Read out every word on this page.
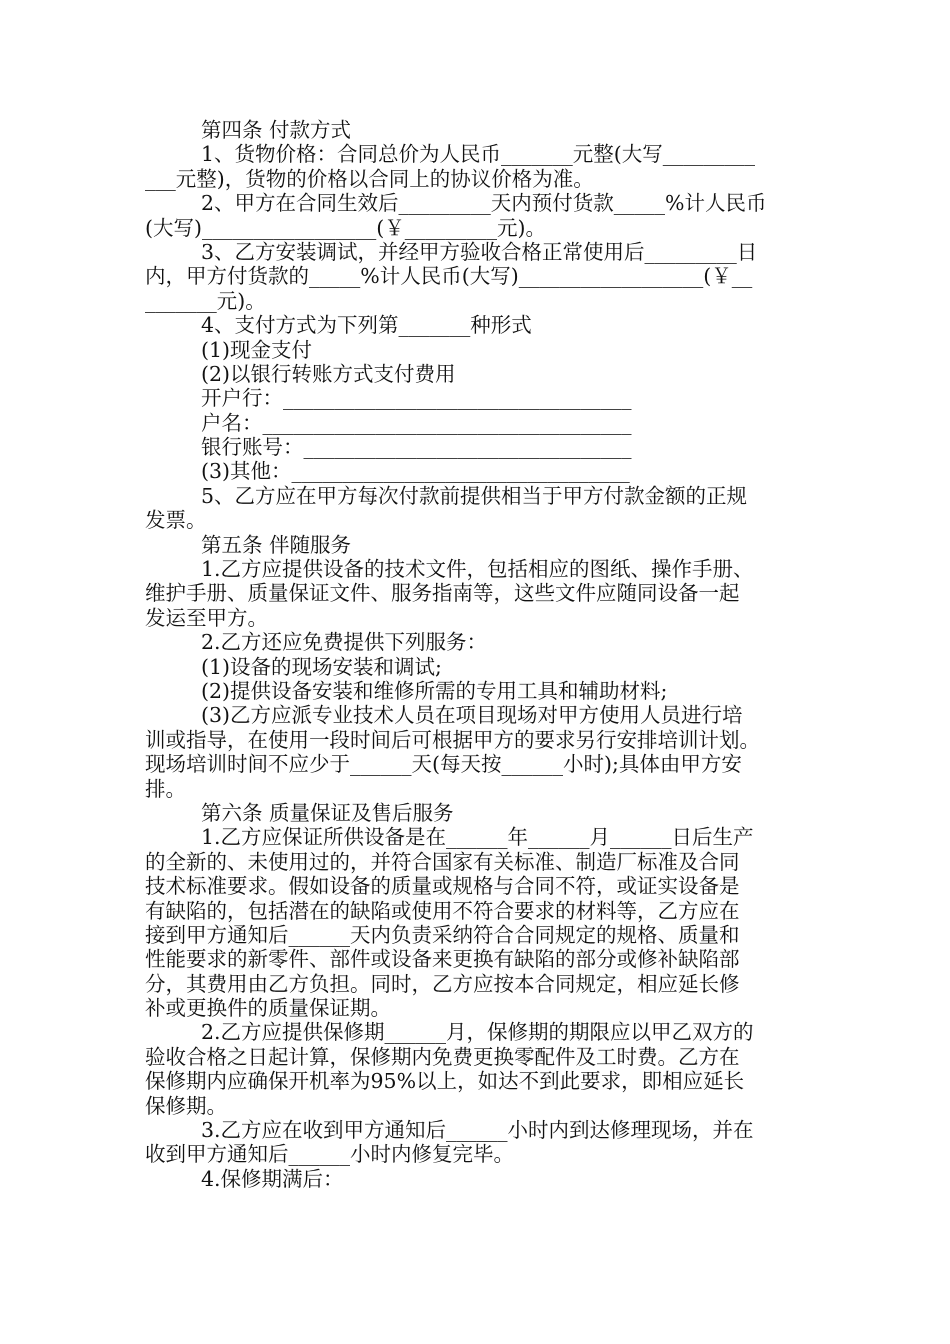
第四条 付款方式
1、货物价格：合同总价为人民币_______元整(大写_________
___元整)，货物的价格以合同上的协议价格为准。
2、甲方在合同生效后_________天内预付货款_____%计人民币
(大写)_________________(￥_________元)。
3、乙方安装调试，并经甲方验收合格正常使用后_________日
内，甲方付货款的_____%计人民币(大写)__________________(￥__
_______元)。
4、支付方式为下列第_______种形式
(1)现金支付
(2)以银行转账方式支付费用
开户行：__________________________________
户名：____________________________________
银行账号：________________________________
(3)其他：_________________________________
5、乙方应在甲方每次付款前提供相当于甲方付款金额的正规
发票。
第五条 伴随服务
1.乙方应提供设备的技术文件，包括相应的图纸、操作手册、
维护手册、质量保证文件、服务指南等，这些文件应随同设备一起
发运至甲方。
2.乙方还应免费提供下列服务：
(1)设备的现场安装和调试;
(2)提供设备安装和维修所需的专用工具和辅助材料;
(3)乙方应派专业技术人员在项目现场对甲方使用人员进行培
训或指导，在使用一段时间后可根据甲方的要求另行安排培训计划。
现场培训时间不应少于______天(每天按______小时);具体由甲方安
排。
第六条 质量保证及售后服务
1.乙方应保证所供设备是在______年______月______日后生产
的全新的、未使用过的，并符合国家有关标准、制造厂标准及合同
技术标准要求。假如设备的质量或规格与合同不符，或证实设备是
有缺陷的，包括潜在的缺陷或使用不符合要求的材料等，乙方应在
接到甲方通知后______天内负责采纳符合合同规定的规格、质量和
性能要求的新零件、部件或设备来更换有缺陷的部分或修补缺陷部
分，其费用由乙方负担。同时，乙方应按本合同规定，相应延长修
补或更换件的质量保证期。
2.乙方应提供保修期______月，保修期的期限应以甲乙双方的
验收合格之日起计算，保修期内免费更换零配件及工时费。乙方在
保修期内应确保开机率为95%以上，如达不到此要求，即相应延长
保修期。
3.乙方应在收到甲方通知后______小时内到达修理现场，并在
收到甲方通知后______小时内修复完毕。
4.保修期满后：
